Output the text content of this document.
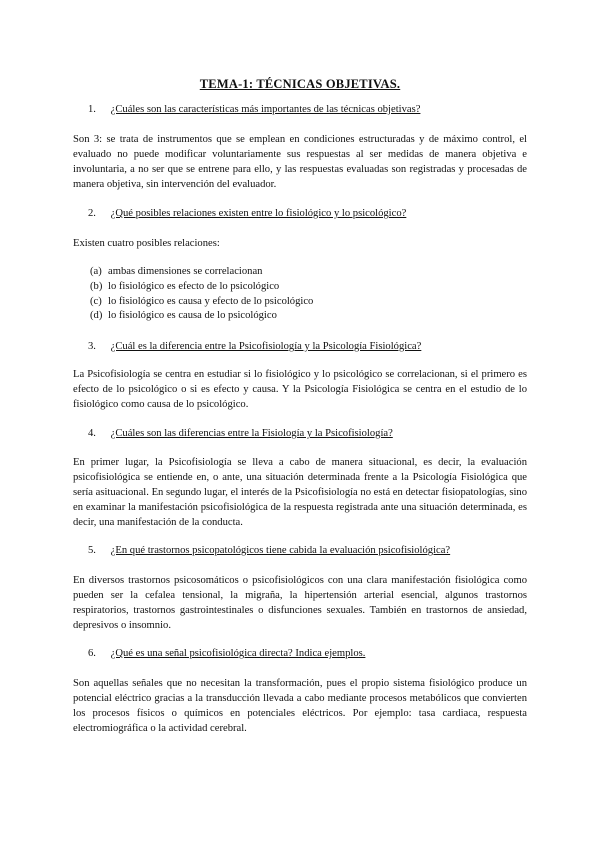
TEMA-1: TÉCNICAS OBJETIVAS.
1. ¿Cuáles son las características más importantes de las técnicas objetivas?

Son 3: se trata de instrumentos que se emplean en condiciones estructuradas y de máximo control, el evaluado no puede modificar voluntariamente sus respuestas al ser medidas de manera objetiva e involuntaria, a no ser que se entrene para ello, y las respuestas evaluadas son registradas y procesadas de manera objetiva, sin intervención del evaluador.

2. ¿Qué posibles relaciones existen entre lo fisiológico y lo psicológico?

Existen cuatro posibles relaciones:

(a) ambas dimensiones se correlacionan
(b) lo fisiológico es efecto de lo psicológico
(c) lo fisiológico es causa y efecto de lo psicológico
(d) lo fisiológico es causa de lo psicológico
3. ¿Cuál es la diferencia entre la Psicofisiología y la Psicología Fisiológica?

La Psicofisiología se centra en estudiar si lo fisiológico y lo psicológico se correlacionan, si el primero es efecto de lo psicológico o si es efecto y causa. Y la Psicología Fisiológica se centra en el estudio de lo fisiológico como causa de lo psicológico.

4. ¿Cuáles son las diferencias entre la Fisiología y la Psicofisiología?

En primer lugar, la Psicofisiología se lleva a cabo de manera situacional, es decir, la evaluación psicofisiológica se entiende en, o ante, una situación determinada frente a la Psicología Fisiológica que sería asituacional. En segundo lugar, el interés de la Psicofisiología no está en detectar fisiopatologías, sino en examinar la manifestación psicofisiológica de la respuesta registrada ante una situación determinada, es decir, una manifestación de la conducta.

5. ¿En qué trastornos psicopatológicos tiene cabida la evaluación psicofisiológica?

En diversos trastornos psicosomáticos o psicofisiológicos con una clara manifestación fisiológica como pueden ser la cefalea tensional, la migraña, la hipertensión arterial esencial, algunos trastornos respiratorios, trastornos gastrointestinales o disfunciones sexuales. También en trastornos de ansiedad, depresivos o insomnio.

6. ¿Qué es una señal psicofisiológica directa? Indica ejemplos.

Son aquellas señales que no necesitan la transformación, pues el propio sistema fisiológico produce un potencial eléctrico gracias a la transducción llevada a cabo mediante procesos metabólicos que convierten los procesos físicos o químicos en potenciales eléctricos. Por ejemplo: tasa cardiaca, respuesta electromiográfica o la actividad cerebral.
